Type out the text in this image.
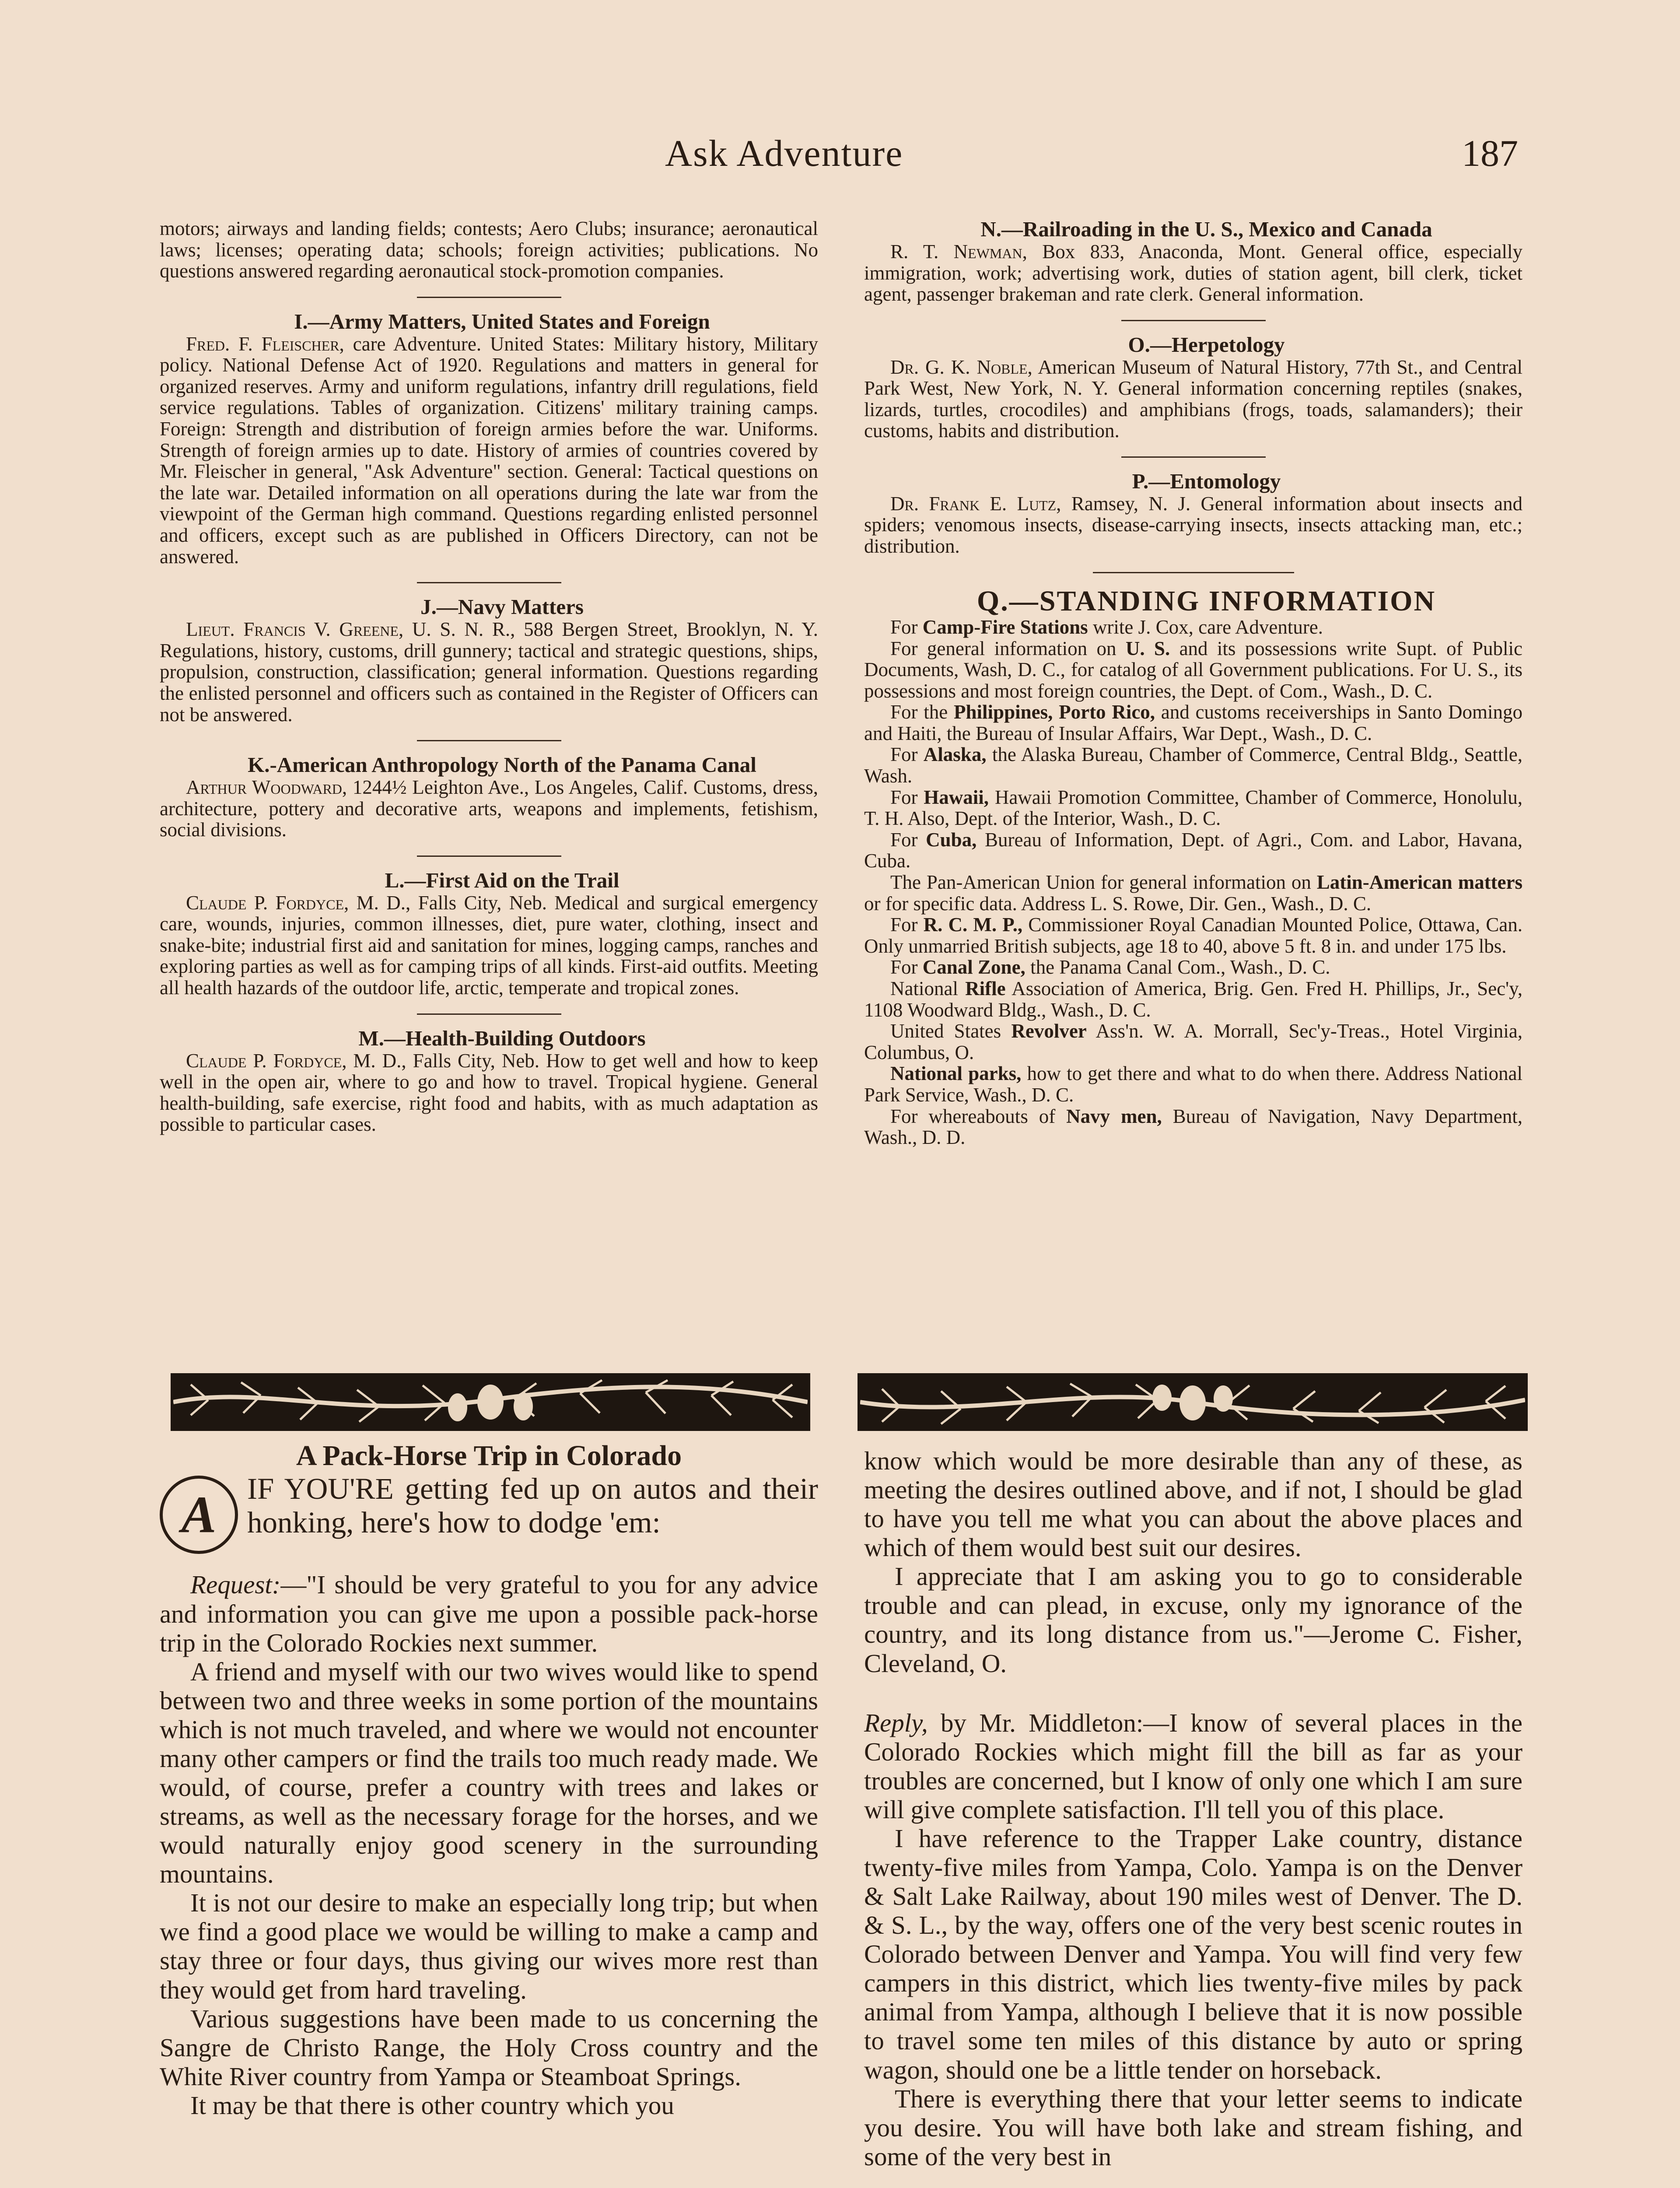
Ask Adventure	187

motors; airways and landing fields; contests; Aero Clubs; insurance; aeronautical laws; licenses; operating data; schools; foreign activities; publications. No questions answered regarding aeronautical stock-promotion companies.

I.—Army Matters, United States and Foreign

Fred. F. Fleischer, care Adventure. United States: Military history, Military policy. National Defense Act of 1920. Regulations and matters in general for organized reserves. Army and uniform regulations, infantry drill regulations, field service regulations. Tables of organization. Citizens' military training camps. Foreign: Strength and distribution of foreign armies before the war. Uniforms. Strength of foreign armies up to date. History of armies of countries covered by Mr. Fleischer in general, "Ask Adventure" section. General: Tactical questions on the late war. Detailed information on all operations during the late war from the viewpoint of the German high command. Questions regarding enlisted personnel and officers, except such as are published in Officers Directory, can not be answered.

J.—Navy Matters

Lieut. Francis V. Greene, U. S. N. R., 588 Bergen Street, Brooklyn, N. Y. Regulations, history, customs, drill gunnery; tactical and strategic questions, ships, propulsion, construction, classification; general information. Questions regarding the enlisted personnel and officers such as contained in the Register of Officers can not be answered.

K.-American Anthropology North of the Panama Canal

Arthur Woodward, 1244½ Leighton Ave., Los Angeles, Calif. Customs, dress, architecture, pottery and decorative arts, weapons and implements, fetishism, social divisions.

L.—First Aid on the Trail

Claude P. Fordyce, M. D., Falls City, Neb. Medical and surgical emergency care, wounds, injuries, common illnesses, diet, pure water, clothing, insect and snake-bite; industrial first aid and sanitation for mines, logging camps, ranches and exploring parties as well as for camping trips of all kinds. First-aid outfits. Meeting all health hazards of the outdoor life, arctic, temperate and tropical zones.

M.—Health-Building Outdoors

Claude P. Fordyce, M. D., Falls City, Neb. How to get well and how to keep well in the open air, where to go and how to travel. Tropical hygiene. General health-building, safe exercise, right food and habits, with as much adaptation as possible to particular cases.

N.—Railroading in the U. S., Mexico and Canada

R. T. Newman, Box 833, Anaconda, Mont. General office, especially immigration, work; advertising work, duties of station agent, bill clerk, ticket agent, passenger brakeman and rate clerk. General information.

O.—Herpetology

Dr. G. K. Noble, American Museum of Natural History, 77th St., and Central Park West, New York, N. Y. General information concerning reptiles (snakes, lizards, turtles, crocodiles) and amphibians (frogs, toads, salamanders); their customs, habits and distribution.

P.—Entomology

Dr. Frank E. Lutz, Ramsey, N. J. General information about insects and spiders; venomous insects, disease-carrying insects, insects attacking man, etc.; distribution.

Q.—STANDING INFORMATION

For Camp-Fire Stations write J. Cox, care Adventure.

For general information on U. S. and its possessions write Supt. of Public Documents, Wash, D. C., for catalog of all Government publications. For U. S., its possessions and most foreign countries, the Dept. of Com., Wash., D. C.

For the Philippines, Porto Rico, and customs receiverships in Santo Domingo and Haiti, the Bureau of Insular Affairs, War Dept., Wash., D. C.

For Alaska, the Alaska Bureau, Chamber of Commerce, Central Bldg., Seattle, Wash.

For Hawaii, Hawaii Promotion Committee, Chamber of Commerce, Honolulu, T. H. Also, Dept. of the Interior, Wash., D. C.

For Cuba, Bureau of Information, Dept. of Agri., Com. and Labor, Havana, Cuba.

The Pan-American Union for general information on Latin-American matters or for specific data. Address L. S. Rowe, Dir. Gen., Wash., D. C.

For R. C. M. P., Commissioner Royal Canadian Mounted Police, Ottawa, Can. Only unmarried British subjects, age 18 to 40, above 5 ft. 8 in. and under 175 lbs.

For Canal Zone, the Panama Canal Com., Wash., D. C.

National Rifle Association of America, Brig. Gen. Fred H. Phillips, Jr., Sec'y, 1108 Woodward Bldg., Wash., D. C.

United States Revolver Ass'n. W. A. Morrall, Sec'y-Treas., Hotel Virginia, Columbus, O.

National parks, how to get there and what to do when there. Address National Park Service, Wash., D. C.

For whereabouts of Navy men, Bureau of Navigation, Navy Department, Wash., D. D.

A Pack-Horse Trip in Colorado

A	IF YOU'RE getting fed up on autos and their honking, here's how to dodge 'em:

Request:—"I should be very grateful to you for any advice and information you can give me upon a possible pack-horse trip in the Colorado Rockies next summer.

A friend and myself with our two wives would like to spend between two and three weeks in some portion of the mountains which is not much traveled, and where we would not encounter many other campers or find the trails too much ready made. We would, of course, prefer a country with trees and lakes or streams, as well as the necessary forage for the horses, and we would naturally enjoy good scenery in the surrounding mountains.

It is not our desire to make an especially long trip; but when we find a good place we would be willing to make a camp and stay three or four days, thus giving our wives more rest than they would get from hard traveling.

Various suggestions have been made to us concerning the Sangre de Christo Range, the Holy Cross country and the White River country from Yampa or Steamboat Springs.

It may be that there is other country which you

know which would be more desirable than any of these, as meeting the desires outlined above, and if not, I should be glad to have you tell me what you can about the above places and which of them would best suit our desires.

I appreciate that I am asking you to go to considerable trouble and can plead, in excuse, only my ignorance of the country, and its long distance from us."—Jerome C. Fisher, Cleveland, O.

Reply, by Mr. Middleton:—I know of several places in the Colorado Rockies which might fill the bill as far as your troubles are concerned, but I know of only one which I am sure will give complete satisfaction. I'll tell you of this place.

I have reference to the Trapper Lake country, distance twenty-five miles from Yampa, Colo. Yampa is on the Denver & Salt Lake Railway, about 190 miles west of Denver. The D. & S. L., by the way, offers one of the very best scenic routes in Colorado between Denver and Yampa. You will find very few campers in this district, which lies twenty-five miles by pack animal from Yampa, although I believe that it is now possible to travel some ten miles of this distance by auto or spring wagon, should one be a little tender on horseback.

There is everything there that your letter seems to indicate you desire. You will have both lake and stream fishing, and some of the very best in
